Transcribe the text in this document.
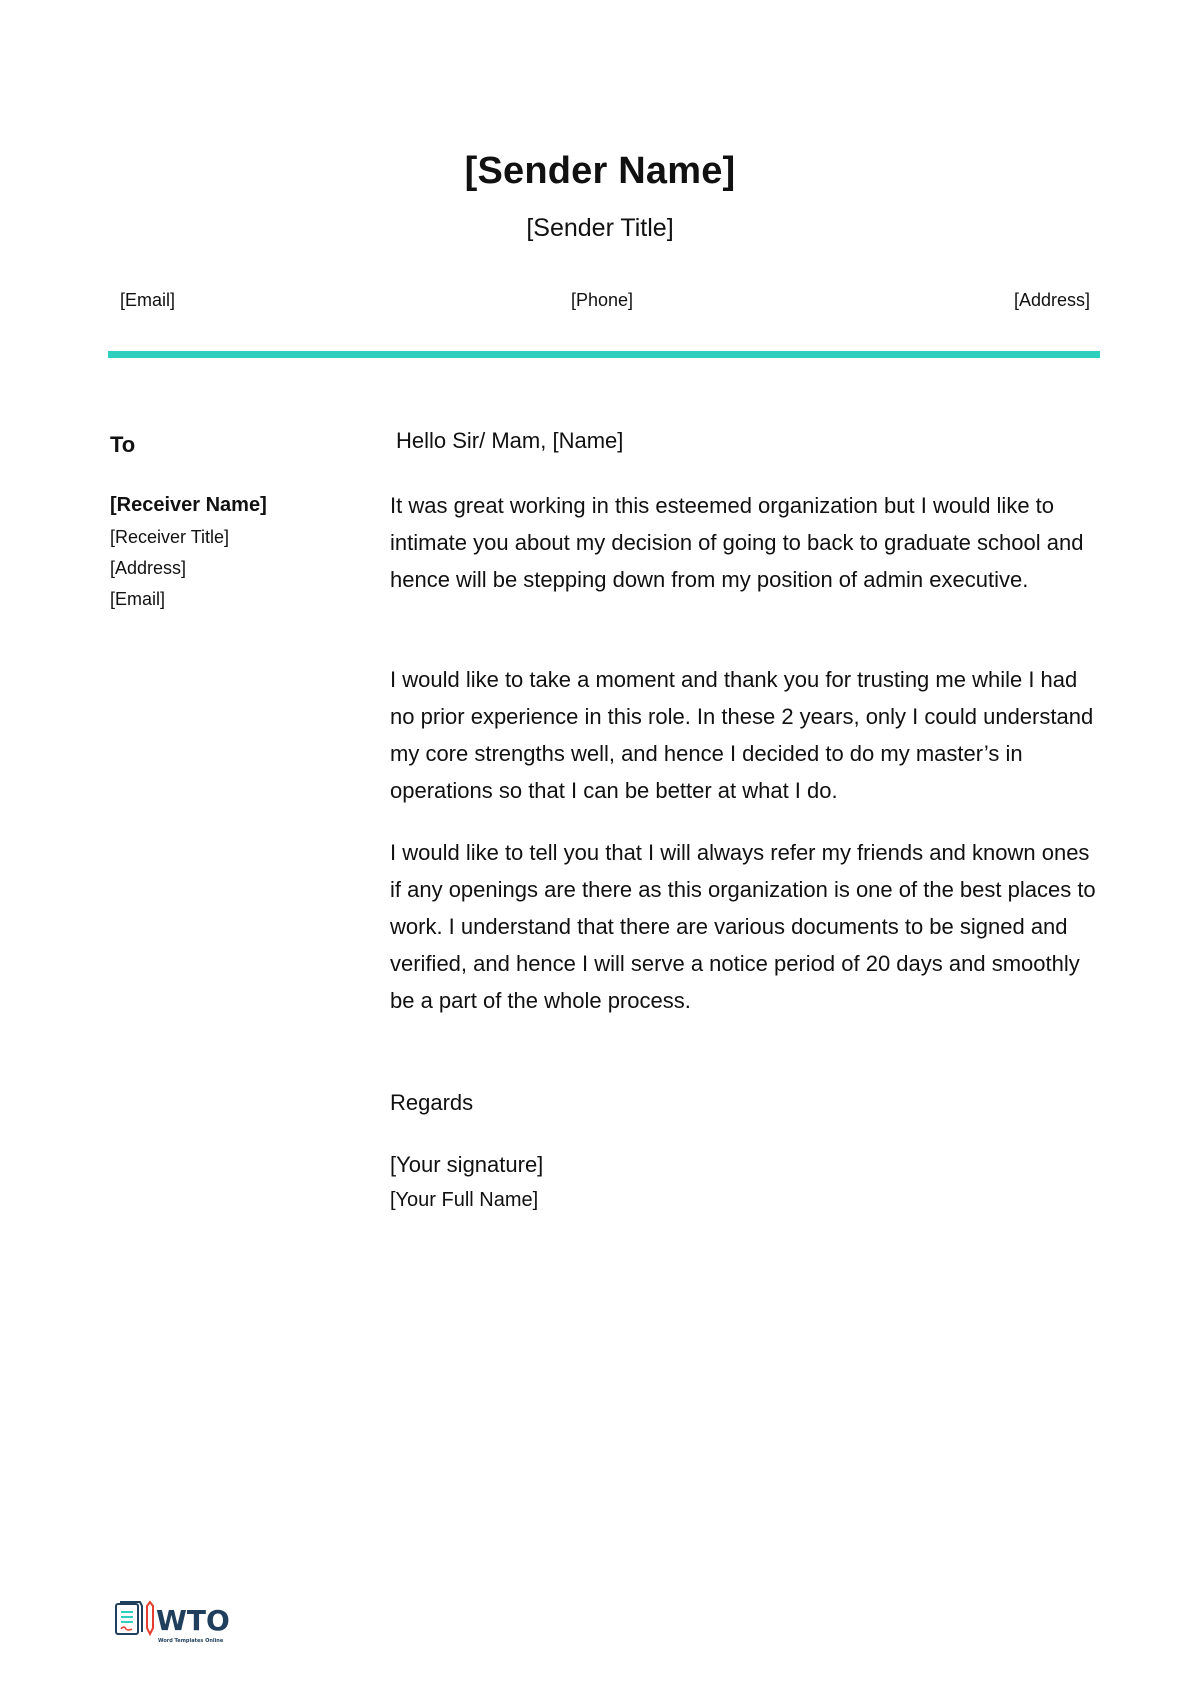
[Sender Name]
[Sender Title]
[Email]	[Phone]	[Address]
To
[Receiver Name]
[Receiver Title]
[Address]
[Email]
Hello Sir/ Mam, [Name]

It was great working in this esteemed organization but I would like to intimate you about my decision of going to back to graduate school and hence will be stepping down from my position of admin executive.

I would like to take a moment and thank you for trusting me while I had no prior experience in this role. In these 2 years, only I could understand my core strengths well, and hence I decided to do my master’s in operations so that I can be better at what I do.

I would like to tell you that I will always refer my friends and known ones if any openings are there as this organization is one of the best places to work. I understand that there are various documents to be signed and verified, and hence I will serve a notice period of 20 days and smoothly be a part of the whole process.

Regards
[Your signature]
[Your Full Name]
WTO
Word Templates Online
